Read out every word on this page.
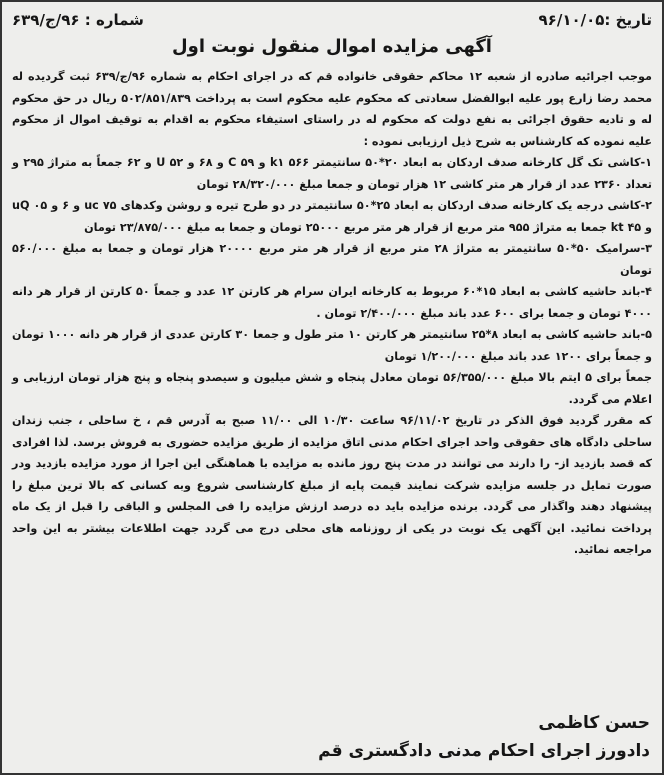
تاریخ :۹۶/۱۰/۰۵
شماره : ۹۶/ج/۶۳۹
آگهی مزایده اموال منقول نوبت اول

موجب اجرائیه صادره از شعبه ۱۲ محاکم حقوقی خانواده قم که در اجرای احکام به شماره ۹۶/ج/۶۳۹ ثبت گردیده له محمد رضا زارع پور علیه ابوالفضل سعادتی که محکوم علیه محکوم است به پرداخت ۵۰۲/۸۵۱/۸۳۹ ریال در حق محکوم له و تادیه حقوق اجرائی به نفع دولت که محکوم له در راستای استیفاء محکوم به اقدام به توقیف اموال از محکوم علیه نموده که کارشناس به شرح ذیل ارزیابی نموده :

۱-کاشی تک گل کارخانه صدف اردکان به ابعاد ۲۰*۵۰ سانتیمتر k۱ ۵۶۶ و C ۵۹ و ۶۸ و U ۵۲ و ۶۲ جمعاً به متراژ ۲۹۵ و تعداد ۲۳۶۰ عدد از قرار هر متر کاشی ۱۲ هزار تومان و جمعا مبلغ ۲۸/۳۲۰/۰۰۰ تومان

۲-کاشی درجه یک کارخانه صدف اردکان به ابعاد ۲۵*۵۰ سانتیمتر در دو طرح تیره و روشن وکدهای uc ۷۵ و ۶ و uQ ۰۵ و kt ۴۵ جمعا به متراژ ۹۵۵ متر مربع از قرار هر متر مربع ۲۵۰۰۰ تومان و جمعا به مبلغ ۲۳/۸۷۵/۰۰۰ تومان

۳-سرامیک ۵۰*۵۰ سانتیمتر به متراژ ۲۸ متر مربع از قرار هر متر مربع ۲۰۰۰۰ هزار تومان و جمعا به مبلغ ۵۶۰/۰۰۰ تومان

۴-باند حاشیه کاشی به ابعاد ۱۵*۶۰ مربوط به کارخانه ایران سرام هر کارتن ۱۲ عدد و جمعاً ۵۰ کارتن از قرار هر دانه ۴۰۰۰ تومان و جمعا برای ۶۰۰ عدد باند مبلغ ۲/۴۰۰/۰۰۰ تومان .

۵-باند حاشیه کاشی به ابعاد ۸*۲۵ سانتیمتر هر کارتن ۱۰ متر طول و جمعا ۳۰ کارتن عددی از قرار هر دانه ۱۰۰۰ تومان و جمعاً برای ۱۲۰۰ عدد باند مبلغ ۱/۲۰۰/۰۰۰ تومان

جمعاً برای ۵ ایتم بالا مبلغ ۵۶/۳۵۵/۰۰۰ تومان معادل پنجاه و شش میلیون و سیصدو پنجاه و پنج هزار تومان ارزیابی و اعلام می گردد.

که مقرر گردید فوق الذکر در تاریخ ۹۶/۱۱/۰۲ ساعت ۱۰/۳۰ الی ۱۱/۰۰ صبح به آدرس قم ، خ ساحلی ، جنب زندان ساحلی دادگاه های حقوقی واحد اجرای احکام مدنی اتاق مزایده از طریق مزایده حضوری به فروش برسد. لذا افرادی که قصد بازدید از- را دارند می توانند در مدت پنج روز مانده به مزایده با هماهنگی این اجرا از مورد مزایده بازدید ودر صورت تمایل در جلسه مزایده شرکت نمایند قیمت پایه از مبلغ کارشناسی شروع وبه کسانی که بالا ترین مبلغ را پیشنهاد دهند واگذار می گردد. برنده مزایده باید ده درصد ارزش مزایده را فی المجلس و الباقی را قبل از یک ماه پرداخت نمائید. این آگهی یک نوبت در یکی از روزنامه های محلی درج می گردد جهت اطلاعات بیشتر به این واحد مراجعه نمائید.

حسن کاظمی
دادورز اجرای احکام مدنی دادگستری قم
